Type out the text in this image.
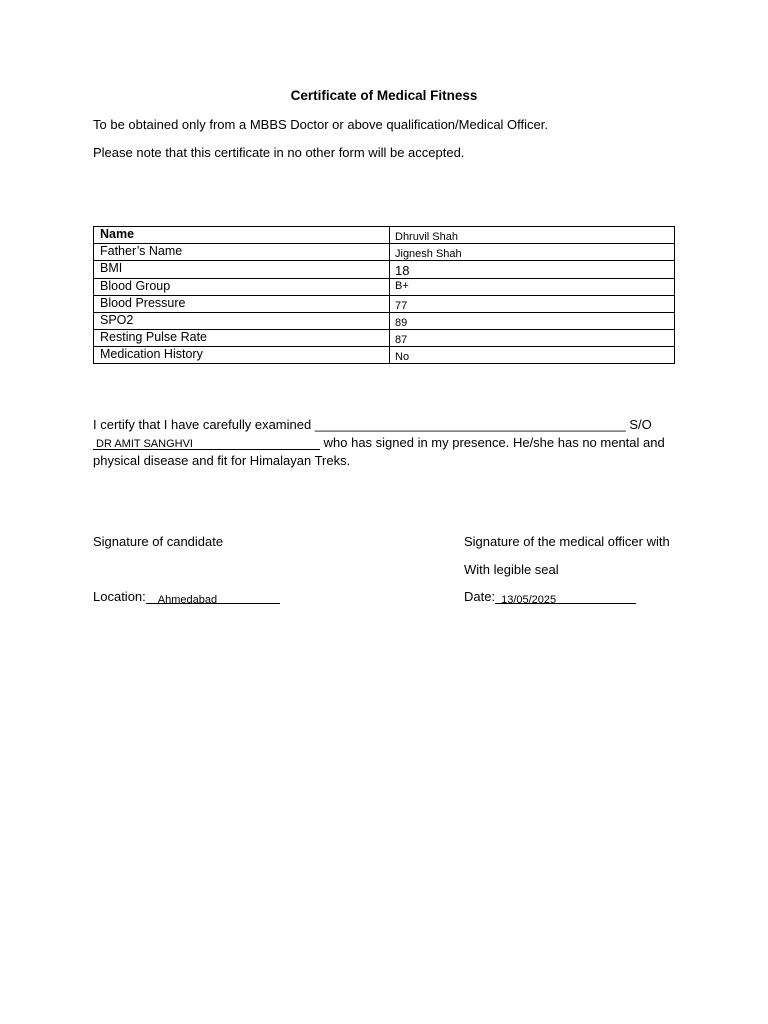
Certificate of Medical Fitness
To be obtained only from a MBBS Doctor or above qualification/Medical Officer.
Please note that this certificate in no other form will be accepted.
Name	Dhruvil Shah
Father’s Name	Jignesh Shah
BMI	18
Blood Group	B+
Blood Pressure	77
SPO2	89
Resting Pulse Rate	87
Medication History	No
I certify that I have carefully examined ___________________________________________ S/O
DR AMIT SANGHVI	who has signed in my presence. He/she has no mental and
physical disease and fit for Himalayan Treks.
Signature of candidate	Signature of the medical officer with
With legible seal
Location: Ahmedabad
	Date: 13/05/2025
